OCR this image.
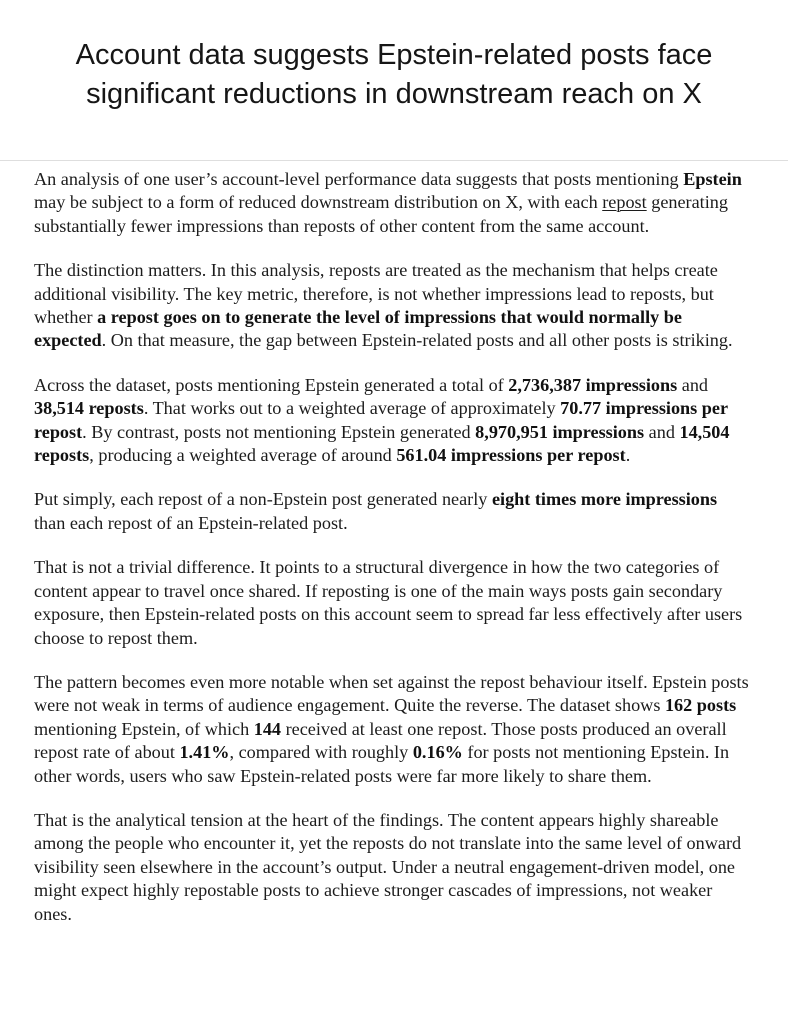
Account data suggests Epstein-related posts face
significant reductions in downstream reach on X

An analysis of one user’s account-level performance data suggests that posts mentioning Epstein may be subject to a form of reduced downstream distribution on X, with each repost generating substantially fewer impressions than reposts of other content from the same account.

The distinction matters. In this analysis, reposts are treated as the mechanism that helps create additional visibility. The key metric, therefore, is not whether impressions lead to reposts, but whether a repost goes on to generate the level of impressions that would normally be expected. On that measure, the gap between Epstein-related posts and all other posts is striking.

Across the dataset, posts mentioning Epstein generated a total of 2,736,387 impressions and 38,514 reposts. That works out to a weighted average of approximately 70.77 impressions per repost. By contrast, posts not mentioning Epstein generated 8,970,951 impressions and 14,504 reposts, producing a weighted average of around 561.04 impressions per repost.

Put simply, each repost of a non-Epstein post generated nearly eight times more impressions than each repost of an Epstein-related post.

That is not a trivial difference. It points to a structural divergence in how the two categories of content appear to travel once shared. If reposting is one of the main ways posts gain secondary exposure, then Epstein-related posts on this account seem to spread far less effectively after users choose to repost them.

The pattern becomes even more notable when set against the repost behaviour itself. Epstein posts were not weak in terms of audience engagement. Quite the reverse. The dataset shows 162 posts mentioning Epstein, of which 144 received at least one repost. Those posts produced an overall repost rate of about 1.41%, compared with roughly 0.16% for posts not mentioning Epstein. In other words, users who saw Epstein-related posts were far more likely to share them.

That is the analytical tension at the heart of the findings. The content appears highly shareable among the people who encounter it, yet the reposts do not translate into the same level of onward visibility seen elsewhere in the account’s output. Under a neutral engagement-driven model, one might expect highly repostable posts to achieve stronger cascades of impressions, not weaker ones.
